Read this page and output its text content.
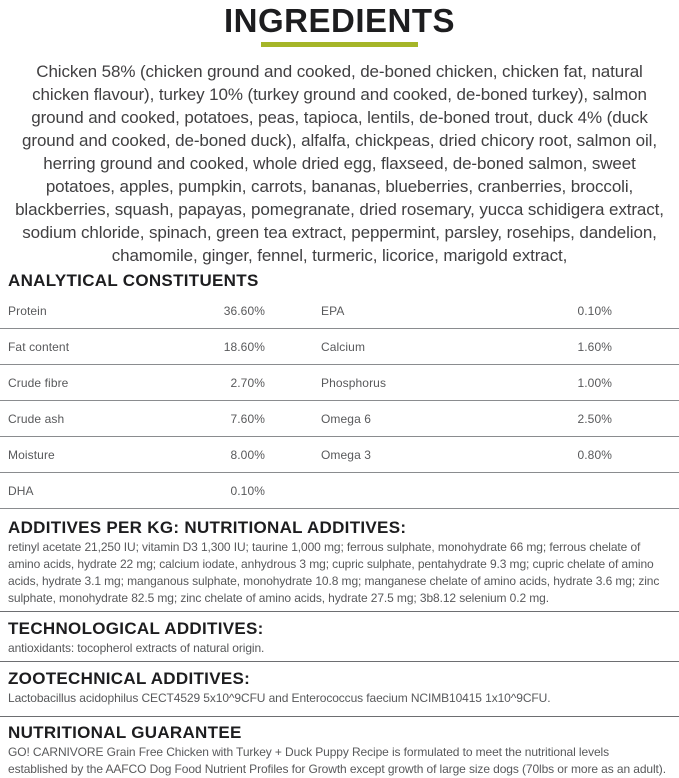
INGREDIENTS

Chicken 58% (chicken ground and cooked, de-boned chicken, chicken fat, natural chicken flavour), turkey 10% (turkey ground and cooked, de-boned turkey), salmon ground and cooked, potatoes, peas, tapioca, lentils, de-boned trout, duck 4% (duck ground and cooked, de-boned duck), alfalfa, chickpeas, dried chicory root, salmon oil, herring ground and cooked, whole dried egg, flaxseed, de-boned salmon, sweet potatoes, apples, pumpkin, carrots, bananas, blueberries, cranberries, broccoli, blackberries, squash, papayas, pomegranate, dried rosemary, yucca schidigera extract, sodium chloride, spinach, green tea extract, peppermint, parsley, rosehips, dandelion, chamomile, ginger, fennel, turmeric, licorice, marigold extract,

ANALYTICAL CONSTITUENTS
Protein	36.60%	EPA	0.10%
Fat content	18.60%	Calcium	1.60%
Crude fibre	2.70%	Phosphorus	1.00%
Crude ash	7.60%	Omega 6	2.50%
Moisture	8.00%	Omega 3	0.80%
DHA	0.10%
ADDITIVES PER KG: NUTRITIONAL ADDITIVES:

retinyl acetate 21,250 IU; vitamin D3 1,300 IU; taurine 1,000 mg; ferrous sulphate, monohydrate 66 mg; ferrous chelate of amino acids, hydrate 22 mg; calcium iodate, anhydrous 3 mg; cupric sulphate, pentahydrate 9.3 mg; cupric chelate of amino acids, hydrate 3.1 mg; manganous sulphate, monohydrate 10.8 mg; manganese chelate of amino acids, hydrate 3.6 mg; zinc sulphate, monohydrate 82.5 mg; zinc chelate of amino acids, hydrate 27.5 mg; 3b8.12 selenium 0.2 mg.

TECHNOLOGICAL ADDITIVES:

antioxidants: tocopherol extracts of natural origin.

ZOOTECHNICAL ADDITIVES:

Lactobacillus acidophilus CECT4529 5x10^9CFU and Enterococcus faecium NCIMB10415 1x10^9CFU.

NUTRITIONAL GUARANTEE

GO! CARNIVORE Grain Free Chicken with Turkey + Duck Puppy Recipe is formulated to meet the nutritional levels established by the AAFCO Dog Food Nutrient Profiles for Growth except growth of large size dogs (70lbs or more as an adult).
